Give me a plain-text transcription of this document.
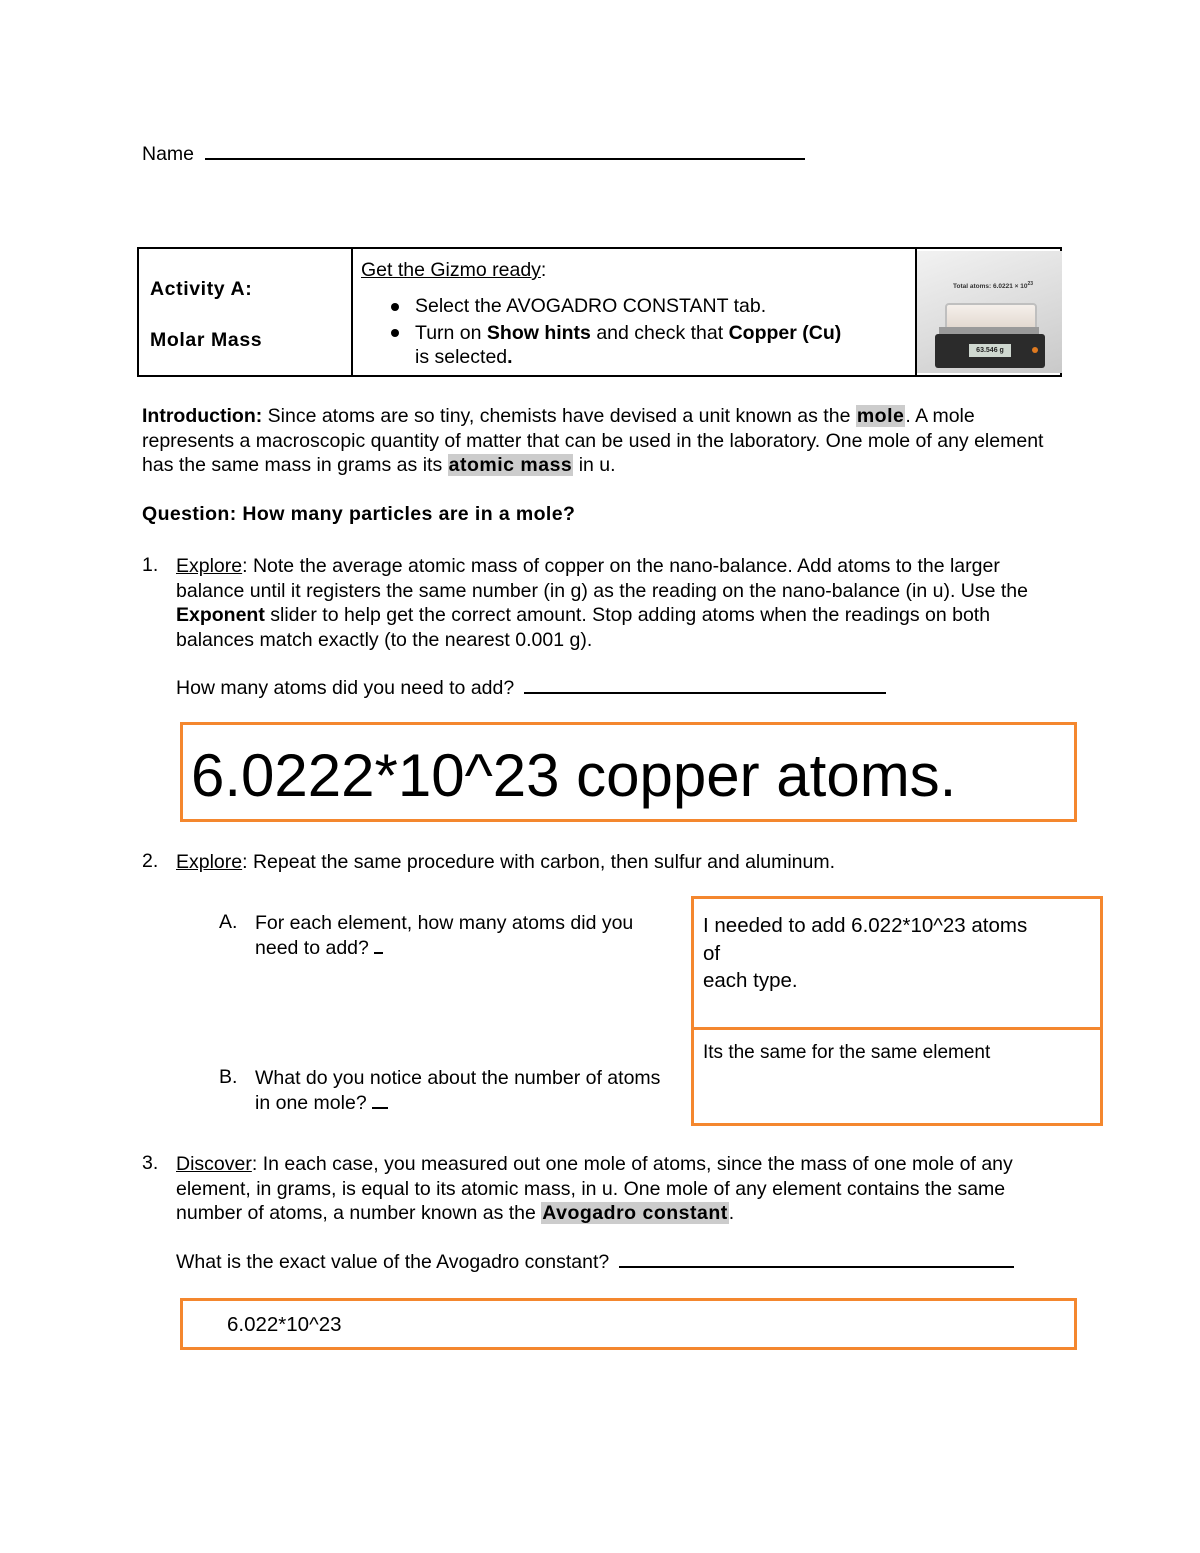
Name
Activity A:
Molar Mass
Get the Gizmo ready:
Select the AVOGADRO CONSTANT tab.
Turn on Show hints and check that Copper (Cu)
is selected.
Total atoms: $6.0221 \times 10^{23}$
63.546 g
Introduction: Since atoms are so tiny, chemists have devised a unit known as the mole. A mole represents a macroscopic quantity of matter that can be used in the laboratory. One mole of any element has the same mass in grams as its atomic mass in u.
Question: How many particles are in a mole?
1. Explore: Note the average atomic mass of copper on the nano-balance. Add atoms to the larger balance until it registers the same number (in g) as the reading on the nano-balance (in u). Use the Exponent slider to help get the correct amount. Stop adding atoms when the readings on both balances match exactly (to the nearest 0.001 g).
How many atoms did you need to add?
6.0222*10^23 copper atoms.
2. Explore: Repeat the same procedure with carbon, then sulfur and aluminum.
A. For each element, how many atoms did you need to add?
B. What do you notice about the number of atoms in one mole?
I needed to add 6.022*10^23 atoms
of
each type.
Its the same for the same element
3. Discover: In each case, you measured out one mole of atoms, since the mass of one mole of any element, in grams, is equal to its atomic mass, in u. One mole of any element contains the same number of atoms, a number known as the Avogadro constant.
What is the exact value of the Avogadro constant?
6.022*10^23
